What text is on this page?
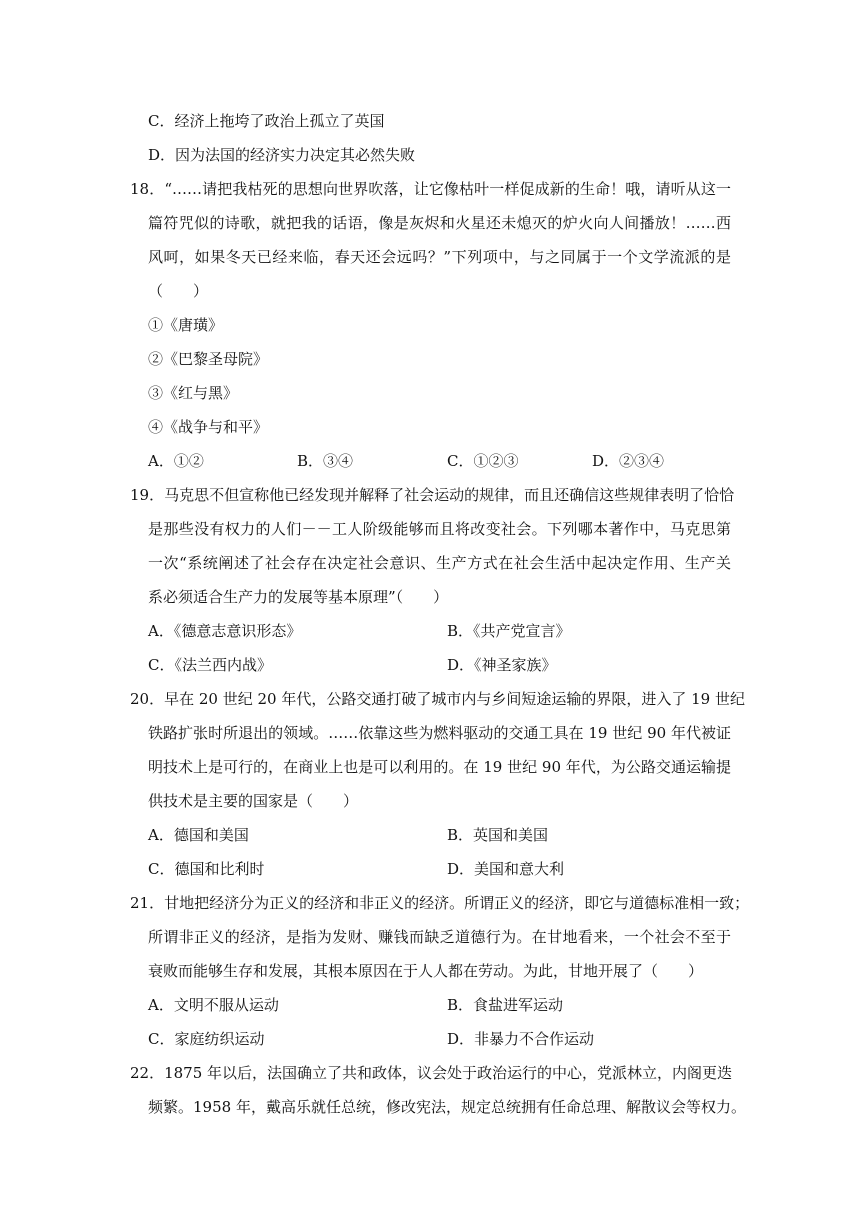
C．经济上拖垮了政治上孤立了英国
D．因为法国的经济实力决定其必然失败
18．“……请把我枯死的思想向世界吹落，让它像枯叶一样促成新的生命！哦，请听从这一
篇符咒似的诗歌，就把我的话语，像是灰烬和火星还未熄灭的炉火向人间播放！……西
风呵，如果冬天已经来临，春天还会远吗？”下列项中，与之同属于一个文学流派的是
（　　）
①《唐璜》
②《巴黎圣母院》
③《红与黑》
④《战争与和平》
A．①②	B．③④	C．①②③	D．②③④
19．马克思不但宣称他已经发现并解释了社会运动的规律，而且还确信这些规律表明了恰恰
是那些没有权力的人们－－工人阶级能够而且将改变社会。下列哪本著作中，马克思第
一次“系统阐述了社会存在决定社会意识、生产方式在社会生活中起决定作用、生产关
系必须适合生产力的发展等基本原理”（　　）
A．《德意志意识形态》	B．《共产党宣言》
C．《法兰西内战》	D．《神圣家族》
20．早在 20 世纪 20 年代，公路交通打破了城市内与乡间短途运输的界限，进入了 19 世纪
铁路扩张时所退出的领域。……依靠这些为燃料驱动的交通工具在 19 世纪 90 年代被证
明技术上是可行的，在商业上也是可以利用的。在 19 世纪 90 年代，为公路交通运输提
供技术是主要的国家是（　　）
A．德国和美国	B．英国和美国
C．德国和比利时	D．美国和意大利
21．甘地把经济分为正义的经济和非正义的经济。所谓正义的经济，即它与道德标准相一致；
所谓非正义的经济，是指为发财、赚钱而缺乏道德行为。在甘地看来，一个社会不至于
衰败而能够生存和发展，其根本原因在于人人都在劳动。为此，甘地开展了（　　）
A．文明不服从运动	B．食盐进军运动
C．家庭纺织运动	D．非暴力不合作运动
22．1875 年以后，法国确立了共和政体，议会处于政治运行的中心，党派林立，内阁更迭
频繁。1958 年，戴高乐就任总统，修改宪法，规定总统拥有任命总理、解散议会等权力。
